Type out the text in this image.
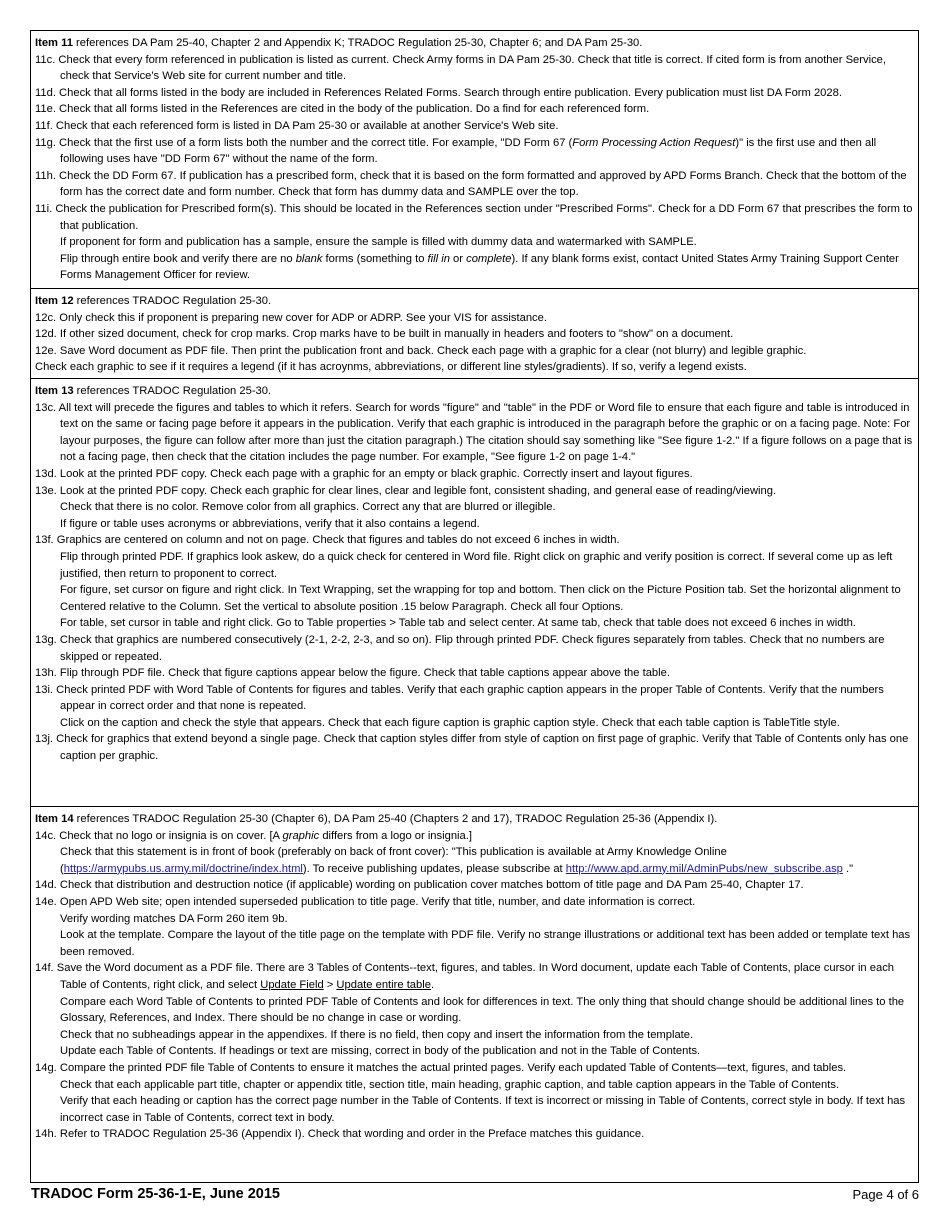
Item 11 references DA Pam 25-40, Chapter 2 and Appendix K; TRADOC Regulation 25-30, Chapter 6; and DA Pam 25-30.
11c. Check that every form referenced in publication is listed as current. Check Army forms in DA Pam 25-30. Check that title is correct. If cited form is from another Service, check that Service's Web site for current number and title.
11d. Check that all forms listed in the body are included in References Related Forms. Search through entire publication. Every publication must list DA Form 2028.
11e. Check that all forms listed in the References are cited in the body of the publication. Do a find for each referenced form.
11f. Check that each referenced form is listed in DA Pam 25-30 or available at another Service's Web site.
11g. Check that the first use of a form lists both the number and the correct title. For example, "DD Form 67 (Form Processing Action Request)" is the first use and then all following uses have "DD Form 67" without the name of the form.
11h. Check the DD Form 67. If publication has a prescribed form, check that it is based on the form formatted and approved by APD Forms Branch. Check that the bottom of the form has the correct date and form number. Check that form has dummy data and SAMPLE over the top.
11i. Check the publication for Prescribed form(s). This should be located in the References section under "Prescribed Forms". Check for a DD Form 67 that prescribes the form to that publication.
If proponent for form and publication has a sample, ensure the sample is filled with dummy data and watermarked with SAMPLE.
Flip through entire book and verify there are no blank forms (something to fill in or complete). If any blank forms exist, contact United States Army Training Support Center Forms Management Officer for review.
Item 12 references TRADOC Regulation 25-30.
12c. Only check this if proponent is preparing new cover for ADP or ADRP. See your VIS for assistance.
12d. If other sized document, check for crop marks. Crop marks have to be built in manually in headers and footers to "show" on a document.
12e. Save Word document as PDF file. Then print the publication front and back. Check each page with a graphic for a clear (not blurry) and legible graphic.
Check each graphic to see if it requires a legend (if it has acroynms, abbreviations, or different line styles/gradients). If so, verify a legend exists.
Item 13 references TRADOC Regulation 25-30.
13c. All text will precede the figures and tables to which it refers. Search for words "figure" and "table" in the PDF or Word file to ensure that each figure and table is introduced in text on the same or facing page before it appears in the publication. Verify that each graphic is introduced in the paragraph before the graphic or on a facing page. Note: For layour purposes, the figure can follow after more than just the citation paragraph.) The citation should say something like "See figure 1-2." If a figure follows on a page that is not a facing page, then check that the citation includes the page number. For example, "See figure 1-2 on page 1-4."
13d. Look at the printed PDF copy. Check each page with a graphic for an empty or black graphic. Correctly insert and layout figures.
13e. Look at the printed PDF copy. Check each graphic for clear lines, clear and legible font, consistent shading, and general ease of reading/viewing.
Check that there is no color. Remove color from all graphics. Correct any that are blurred or illegible.
If figure or table uses acronyms or abbreviations, verify that it also contains a legend.
13f. Graphics are centered on column and not on page. Check that figures and tables do not exceed 6 inches in width.
Flip through printed PDF. If graphics look askew, do a quick check for centered in Word file. Right click on graphic and verify position is correct. If several come up as left justified, then return to proponent to correct.
For figure, set cursor on figure and right click. In Text Wrapping, set the wrapping for top and bottom. Then click on the Picture Position tab. Set the horizontal alignment to Centered relative to the Column. Set the vertical to absolute position .15 below Paragraph. Check all four Options.
For table, set cursor in table and right click. Go to Table properties > Table tab and select center. At same tab, check that table does not exceed 6 inches in width.
13g. Check that graphics are numbered consecutively (2-1, 2-2, 2-3, and so on). Flip through printed PDF. Check figures separately from tables. Check that no numbers are skipped or repeated.
13h. Flip through PDF file. Check that figure captions appear below the figure. Check that table captions appear above the table.
13i. Check printed PDF with Word Table of Contents for figures and tables. Verify that each graphic caption appears in the proper Table of Contents. Verify that the numbers appear in correct order and that none is repeated.
Click on the caption and check the style that appears. Check that each figure caption is graphic caption style. Check that each table caption is TableTitle style.
13j. Check for graphics that extend beyond a single page. Check that caption styles differ from style of caption on first page of graphic. Verify that Table of Contents only has one caption per graphic.
Item 14 references TRADOC Regulation 25-30 (Chapter 6), DA Pam 25-40 (Chapters 2 and 17), TRADOC Regulation 25-36 (Appendix I).
14c. Check that no logo or insignia is on cover. [A graphic differs from a logo or insignia.]
Check that this statement is in front of book (preferably on back of front cover): "This publication is available at Army Knowledge Online (https://armypubs.us.army.mil/doctrine/index.html). To receive publishing updates, please subscribe at http://www.apd.army.mil/AdminPubs/new_subscribe.asp ."
14d. Check that distribution and destruction notice (if applicable) wording on publication cover matches bottom of title page and DA Pam 25-40, Chapter 17.
14e. Open APD Web site; open intended superseded publication to title page. Verify that title, number, and date information is correct.
Verify wording matches DA Form 260 item 9b.
Look at the template. Compare the layout of the title page on the template with PDF file. Verify no strange illustrations or additional text has been added or template text has been removed.
14f. Save the Word document as a PDF file. There are 3 Tables of Contents--text, figures, and tables. In Word document, update each Table of Contents, place cursor in each Table of Contents, right click, and select Update Field > Update entire table.
Compare each Word Table of Contents to printed PDF Table of Contents and look for differences in text. The only thing that should change should be additional lines to the Glossary, References, and Index. There should be no change in case or wording.
Check that no subheadings appear in the appendixes. If there is no field, then copy and insert the information from the template.
Update each Table of Contents. If headings or text are missing, correct in body of the publication and not in the Table of Contents.
14g. Compare the printed PDF file Table of Contents to ensure it matches the actual printed pages. Verify each updated Table of Contents—text, figures, and tables.
Check that each applicable part title, chapter or appendix title, section title, main heading, graphic caption, and table caption appears in the Table of Contents.
Verify that each heading or caption has the correct page number in the Table of Contents. If text is incorrect or missing in Table of Contents, correct style in body. If text has incorrect case in Table of Contents, correct text in body.
14h. Refer to TRADOC Regulation 25-36 (Appendix I). Check that wording and order in the Preface matches this guidance.
TRADOC Form 25-36-1-E, June 2015	Page 4 of 6
